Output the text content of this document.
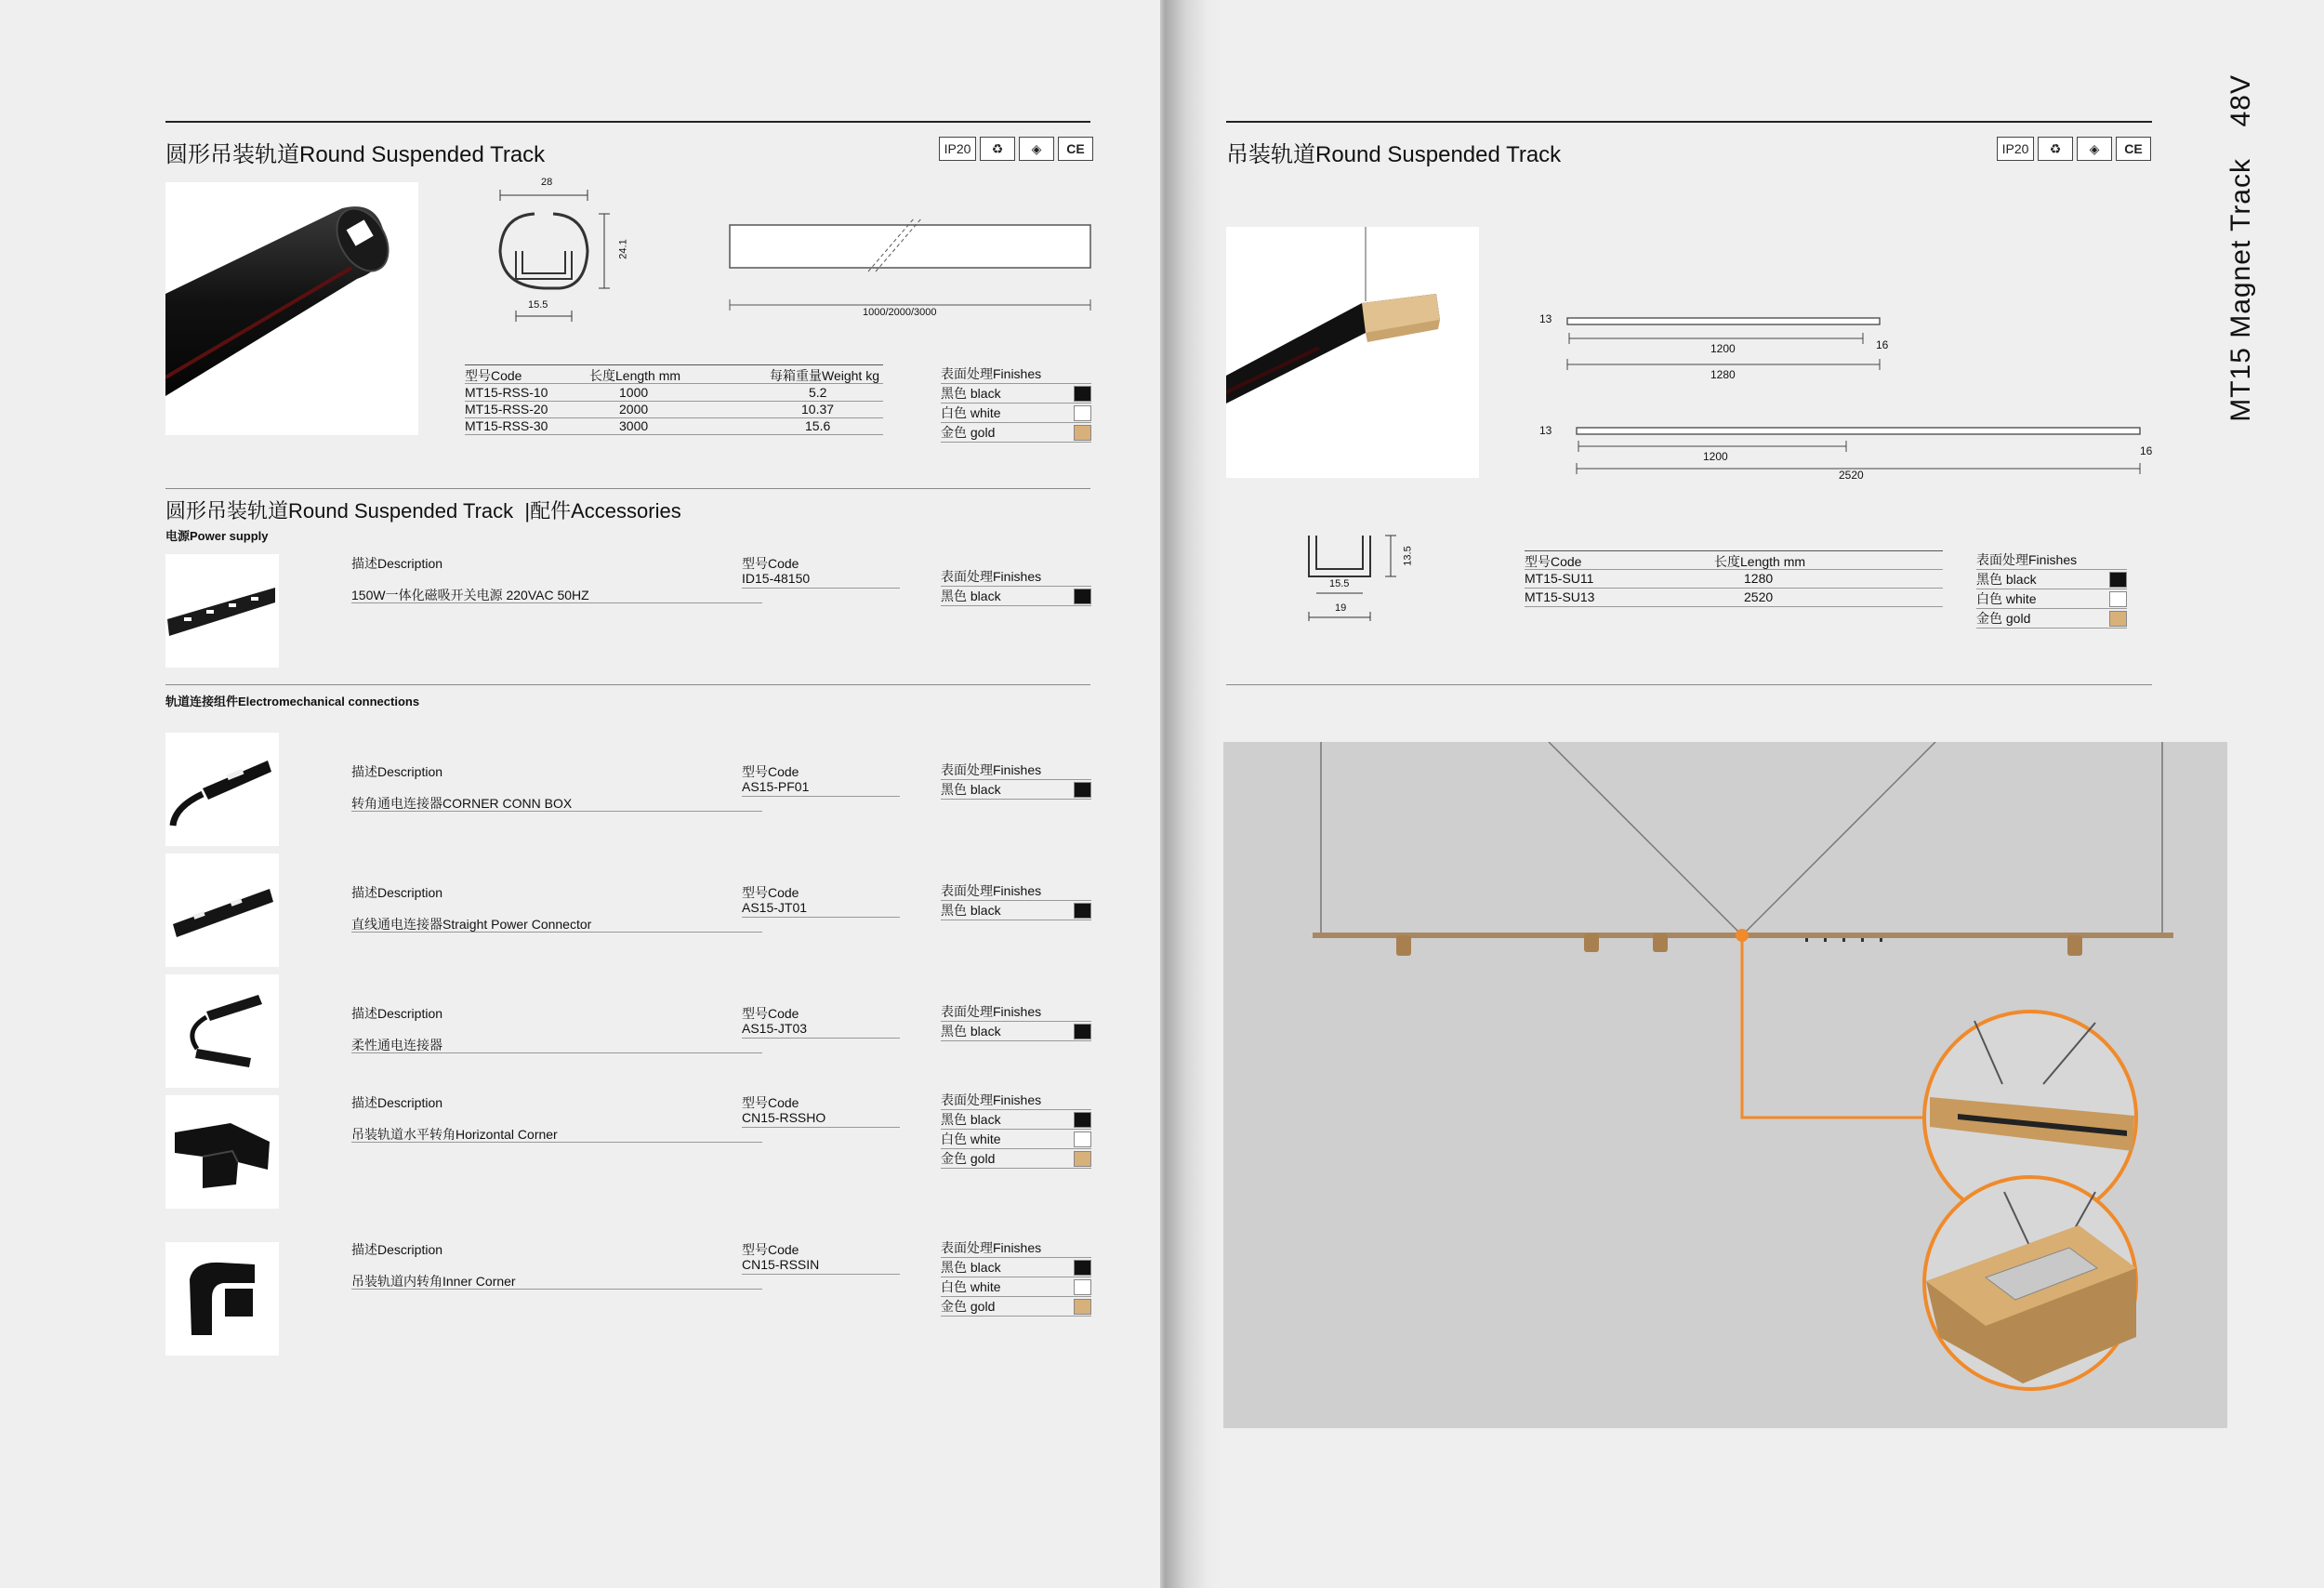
圆形吊装轨道Round Suspended Track	IP20	♻	◈	CE
28
24.1
15.5
1000/2000/3000
型号Code	长度Length mm	每箱重量Weight kg
MT15-RSS-10	1000	5.2
MT15-RSS-20	2000	10.37
MT15-RSS-30	3000	15.6
表面处理Finishes
黑色 black
白色 white
金色 gold
圆形吊装轨道Round Suspended Track  |配件Accessories
电源Power supply
描述Description
150W一体化磁吸开关电源 220VAC 50HZ
型号Code
ID15-48150	表面处理Finishes
黑色 black
轨道连接组件Electromechanical connections
描述Description
转角通电连接器CORNER CONN BOX
型号Code
AS15-PF01
表面处理Finishes
黑色 black
描述Description
直线通电连接器Straight Power Connector
型号Code
AS15-JT01
表面处理Finishes
黑色 black
描述Description
柔性通电连接器
型号Code
AS15-JT03
表面处理Finishes
黑色 black
描述Description
吊装轨道水平转角Horizontal Corner
型号Code
CN15-RSSHO
表面处理Finishes
黑色 black
白色 white
金色 gold
描述Description
吊装轨道内转角Inner Corner
型号Code
CN15-RSSIN
表面处理Finishes
黑色 black
白色 white
金色 gold
吊装轨道Round Suspended Track	IP20	♻	◈	CE
48V
MT15 Magnet Track
13
1200
1280
16
13
1200
2520
16
13.5
15.5
19
型号Code	长度Length mm
MT15-SU11	1280
MT15-SU13	2520
表面处理Finishes
黑色 black
白色 white
金色 gold
